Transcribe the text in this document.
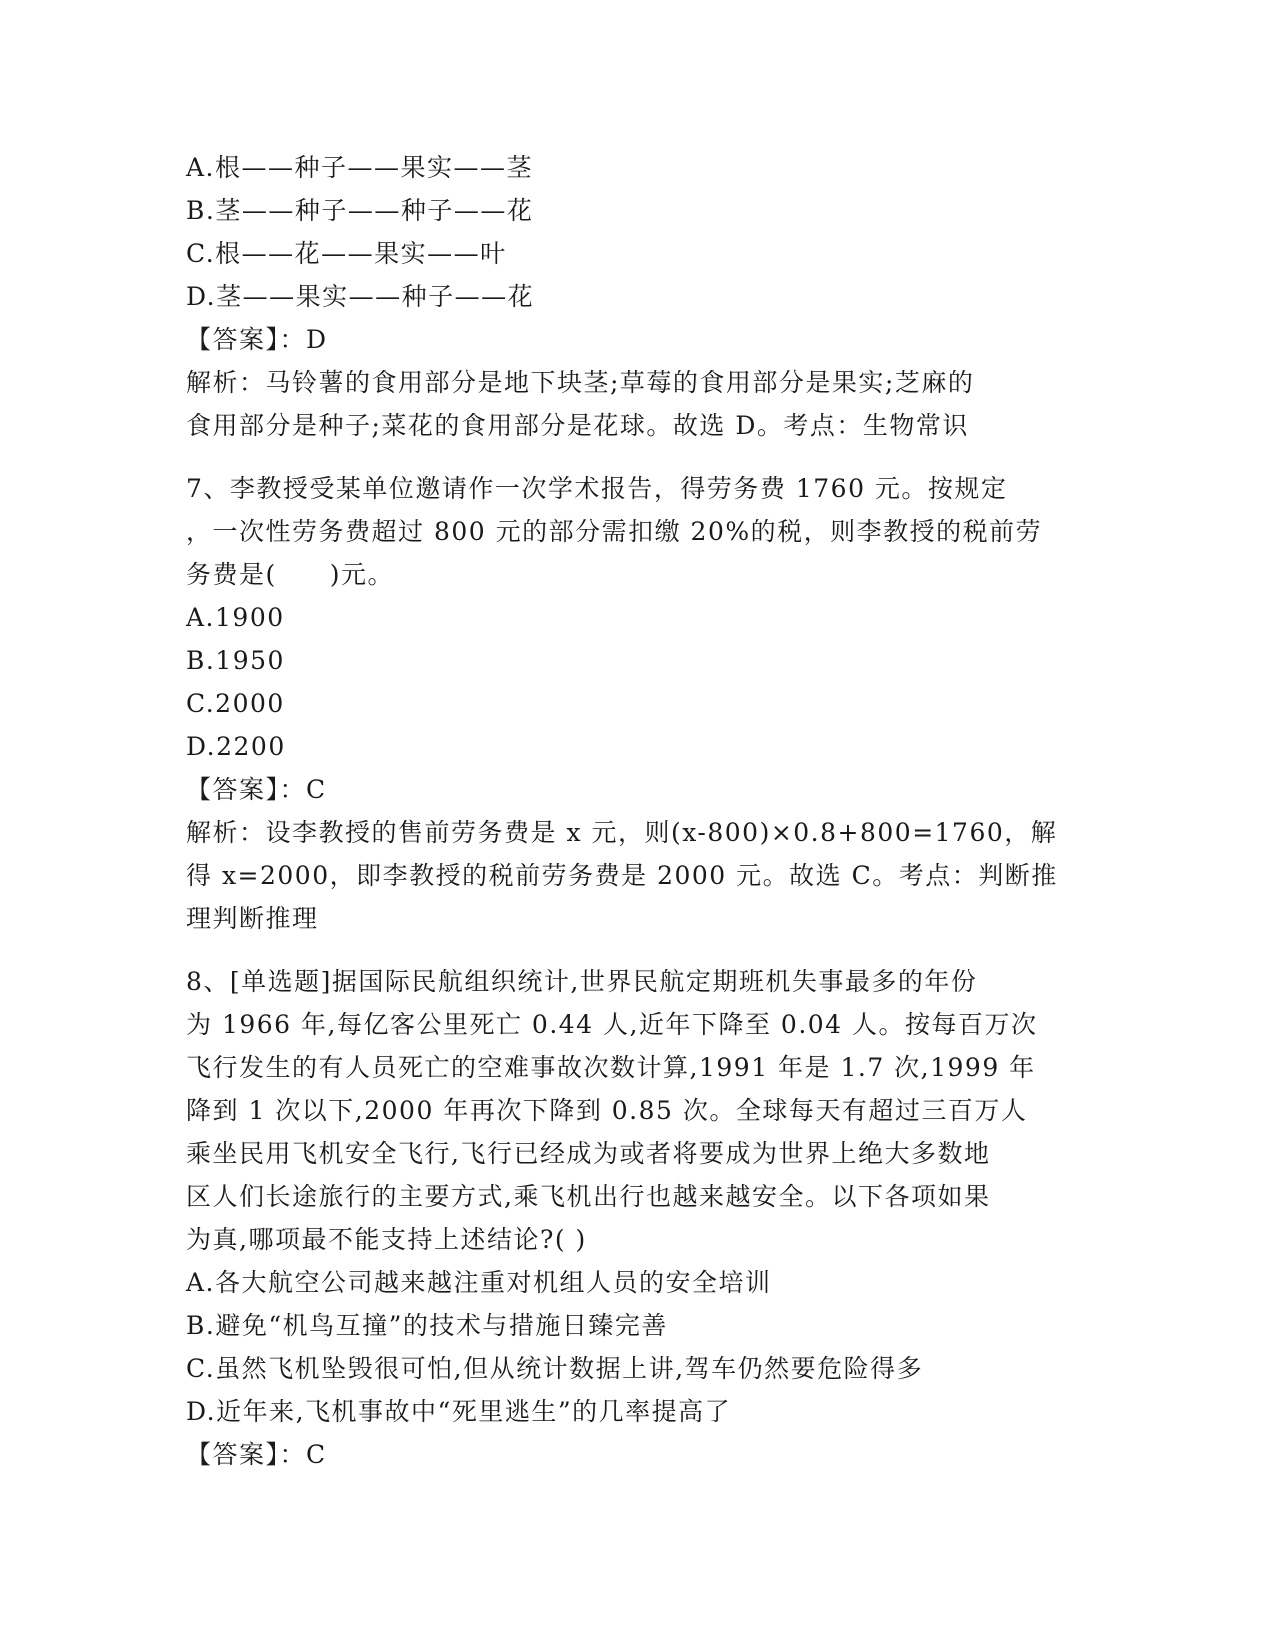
A.根——种子——果实——茎
B.茎——种子——种子——花
C.根——花——果实——叶
D.茎——果实——种子——花
【答案】：D
解析：马铃薯的食用部分是地下块茎;草莓的食用部分是果实;芝麻的
食用部分是种子;菜花的食用部分是花球。故选 D。考点：生物常识
7、李教授受某单位邀请作一次学术报告，得劳务费 1760 元。按规定
，一次性劳务费超过 800 元的部分需扣缴 20%的税，则李教授的税前劳
务费是(　　)元。
A.1900
B.1950
C.2000
D.2200
【答案】：C
解析：设李教授的售前劳务费是 x 元，则(x-800)×0.8+800=1760，解
得 x=2000，即李教授的税前劳务费是 2000 元。故选 C。考点：判断推
理判断推理
8、[单选题]据国际民航组织统计,世界民航定期班机失事最多的年份
为 1966 年,每亿客公里死亡 0.44 人,近年下降至 0.04 人。按每百万次
飞行发生的有人员死亡的空难事故次数计算,1991 年是 1.7 次,1999 年
降到 1 次以下,2000 年再次下降到 0.85 次。全球每天有超过三百万人
乘坐民用飞机安全飞行,飞行已经成为或者将要成为世界上绝大多数地
区人们长途旅行的主要方式,乘飞机出行也越来越安全。以下各项如果
为真,哪项最不能支持上述结论?( )
A.各大航空公司越来越注重对机组人员的安全培训
B.避免“机鸟互撞”的技术与措施日臻完善
C.虽然飞机坠毁很可怕,但从统计数据上讲,驾车仍然要危险得多
D.近年来,飞机事故中“死里逃生”的几率提高了
【答案】：C
